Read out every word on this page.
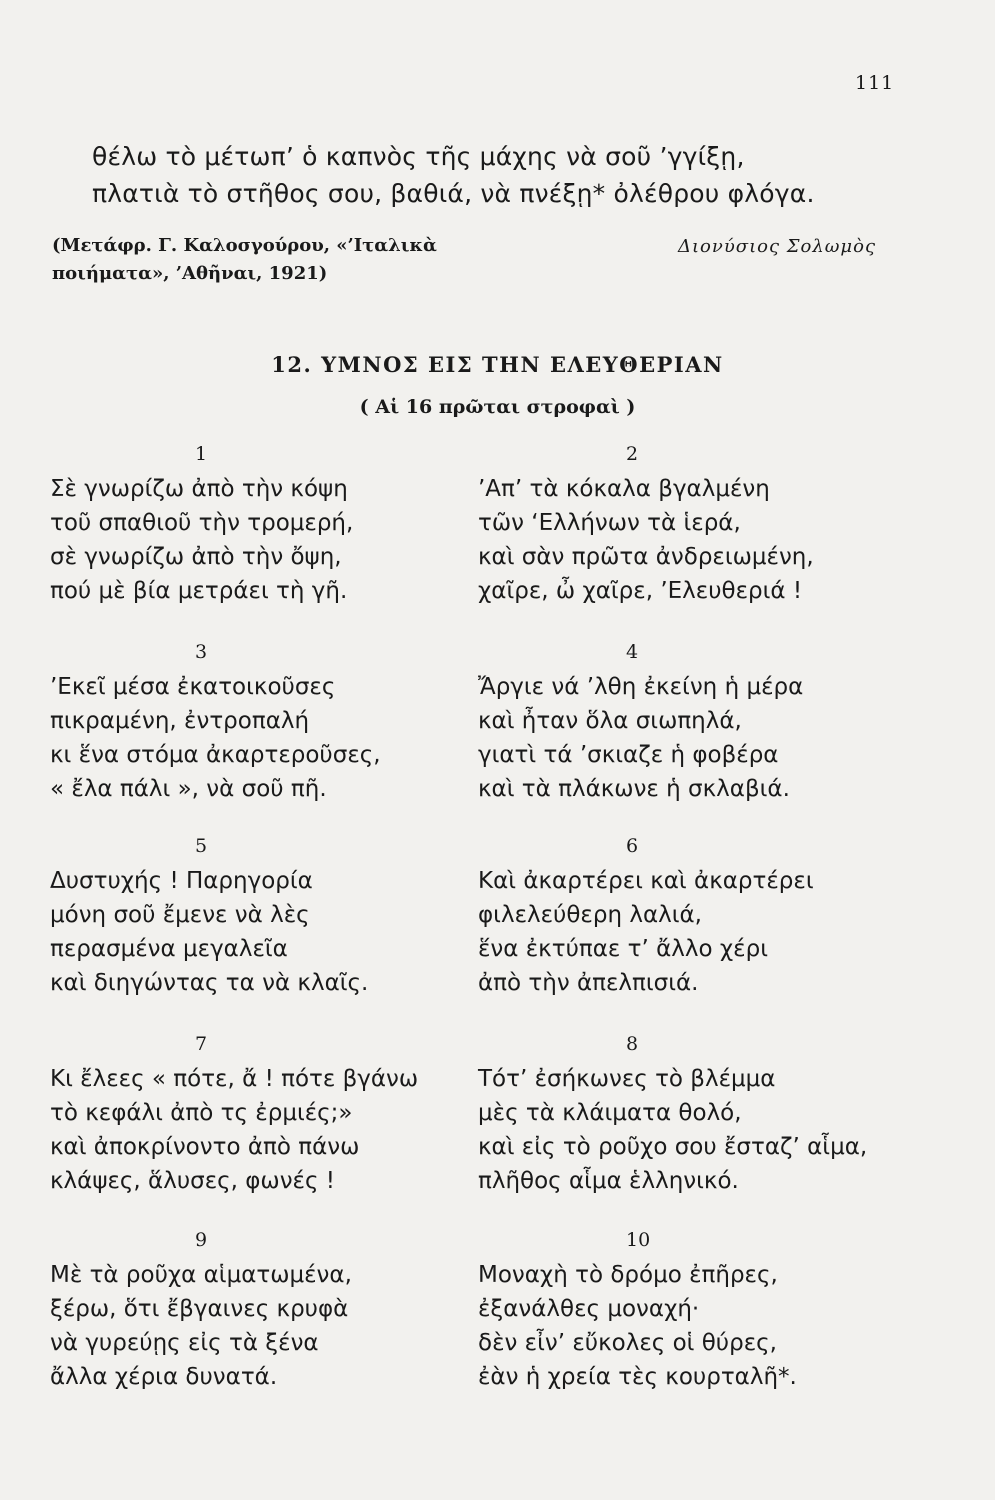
111
θέλω τὸ μέτωπ’ ὁ καπνὸς τῆς μάχης νὰ σοῦ ’γγίξῃ,
πλατιὰ τὸ στῆθος σου, βαθιά, νὰ πνέξῃ* ὀλέθρου φλόγα.
(Μετάφρ. Γ. Καλοσγούρου, «’Ιταλικὰ
ποιήματα», ’Αθῆναι, 1921)
Διονύσιος Σολωμὸς
12. ΥΜΝΟΣ ΕΙΣ ΤΗΝ ΕΛΕΥΘΕΡΙΑΝ
( Αἱ 16 πρῶται στροφαὶ )
1
Σὲ γνωρίζω ἀπὸ τὴν κόψη
τοῦ σπαθιοῦ τὴν τρομερή,
σὲ γνωρίζω ἀπὸ τὴν ὄψη,
πού μὲ βία μετράει τὴ γῆ.
2
’Απ’ τὰ κόκαλα βγαλμένη
τῶν ‘Ελλήνων τὰ ἱερά,
καὶ σὰν πρῶτα ἀνδρειωμένη,
χαῖρε, ὦ χαῖρε, ’Ελευθεριά !
3
’Εκεῖ μέσα ἐκατοικοῦσες
πικραμένη, ἐντροπαλή
κι ἕνα στόμα ἀκαρτεροῦσες,
« ἔλα πάλι », νὰ σοῦ πῆ.
4
Ἄργιε νά ’λθη ἐκείνη ἡ μέρα
καὶ ἦταν ὅλα σιωπηλά,
γιατὶ τά ’σκιαζε ἡ φοβέρα
καὶ τὰ πλάκωνε ἡ σκλαβιά.
5
Δυστυχής ! Παρηγορία
μόνη σοῦ ἔμενε νὰ λὲς
περασμένα μεγαλεῖα
καὶ διηγώντας τα νὰ κλαῖς.
6
Καὶ ἀκαρτέρει καὶ ἀκαρτέρει
φιλελεύθερη λαλιά,
ἕνα ἐκτύπαε τ’ ἄλλο χέρι
ἀπὸ τὴν ἀπελπισιά.
7
Κι ἔλεες « πότε, ἄ ! πότε βγάνω
τὸ κεφάλι ἀπὸ τς ἐρμιές;»
καὶ ἀποκρίνοντο ἀπὸ πάνω
κλάψες, ἅλυσες, φωνές !
8
Τότ’ ἐσήκωνες τὸ βλέμμα
μὲς τὰ κλάιματα θολό,
καὶ εἰς τὸ ροῦχο σου ἔσταζ’ αἷμα,
πλῆθος αἷμα ἑλληνικό.
9
Μὲ τὰ ροῦχα αἱματωμένα,
ξέρω, ὅτι ἔβγαινες κρυφὰ
νὰ γυρεύῃς εἰς τὰ ξένα
ἄλλα χέρια δυνατά.
10
Μοναχὴ τὸ δρόμο ἐπῆρες,
ἐξανάλθες μοναχή·
δὲν εἶν’ εὔκολες οἱ θύρες,
ἐὰν ἡ χρεία τὲς κουρταλῆ*.
